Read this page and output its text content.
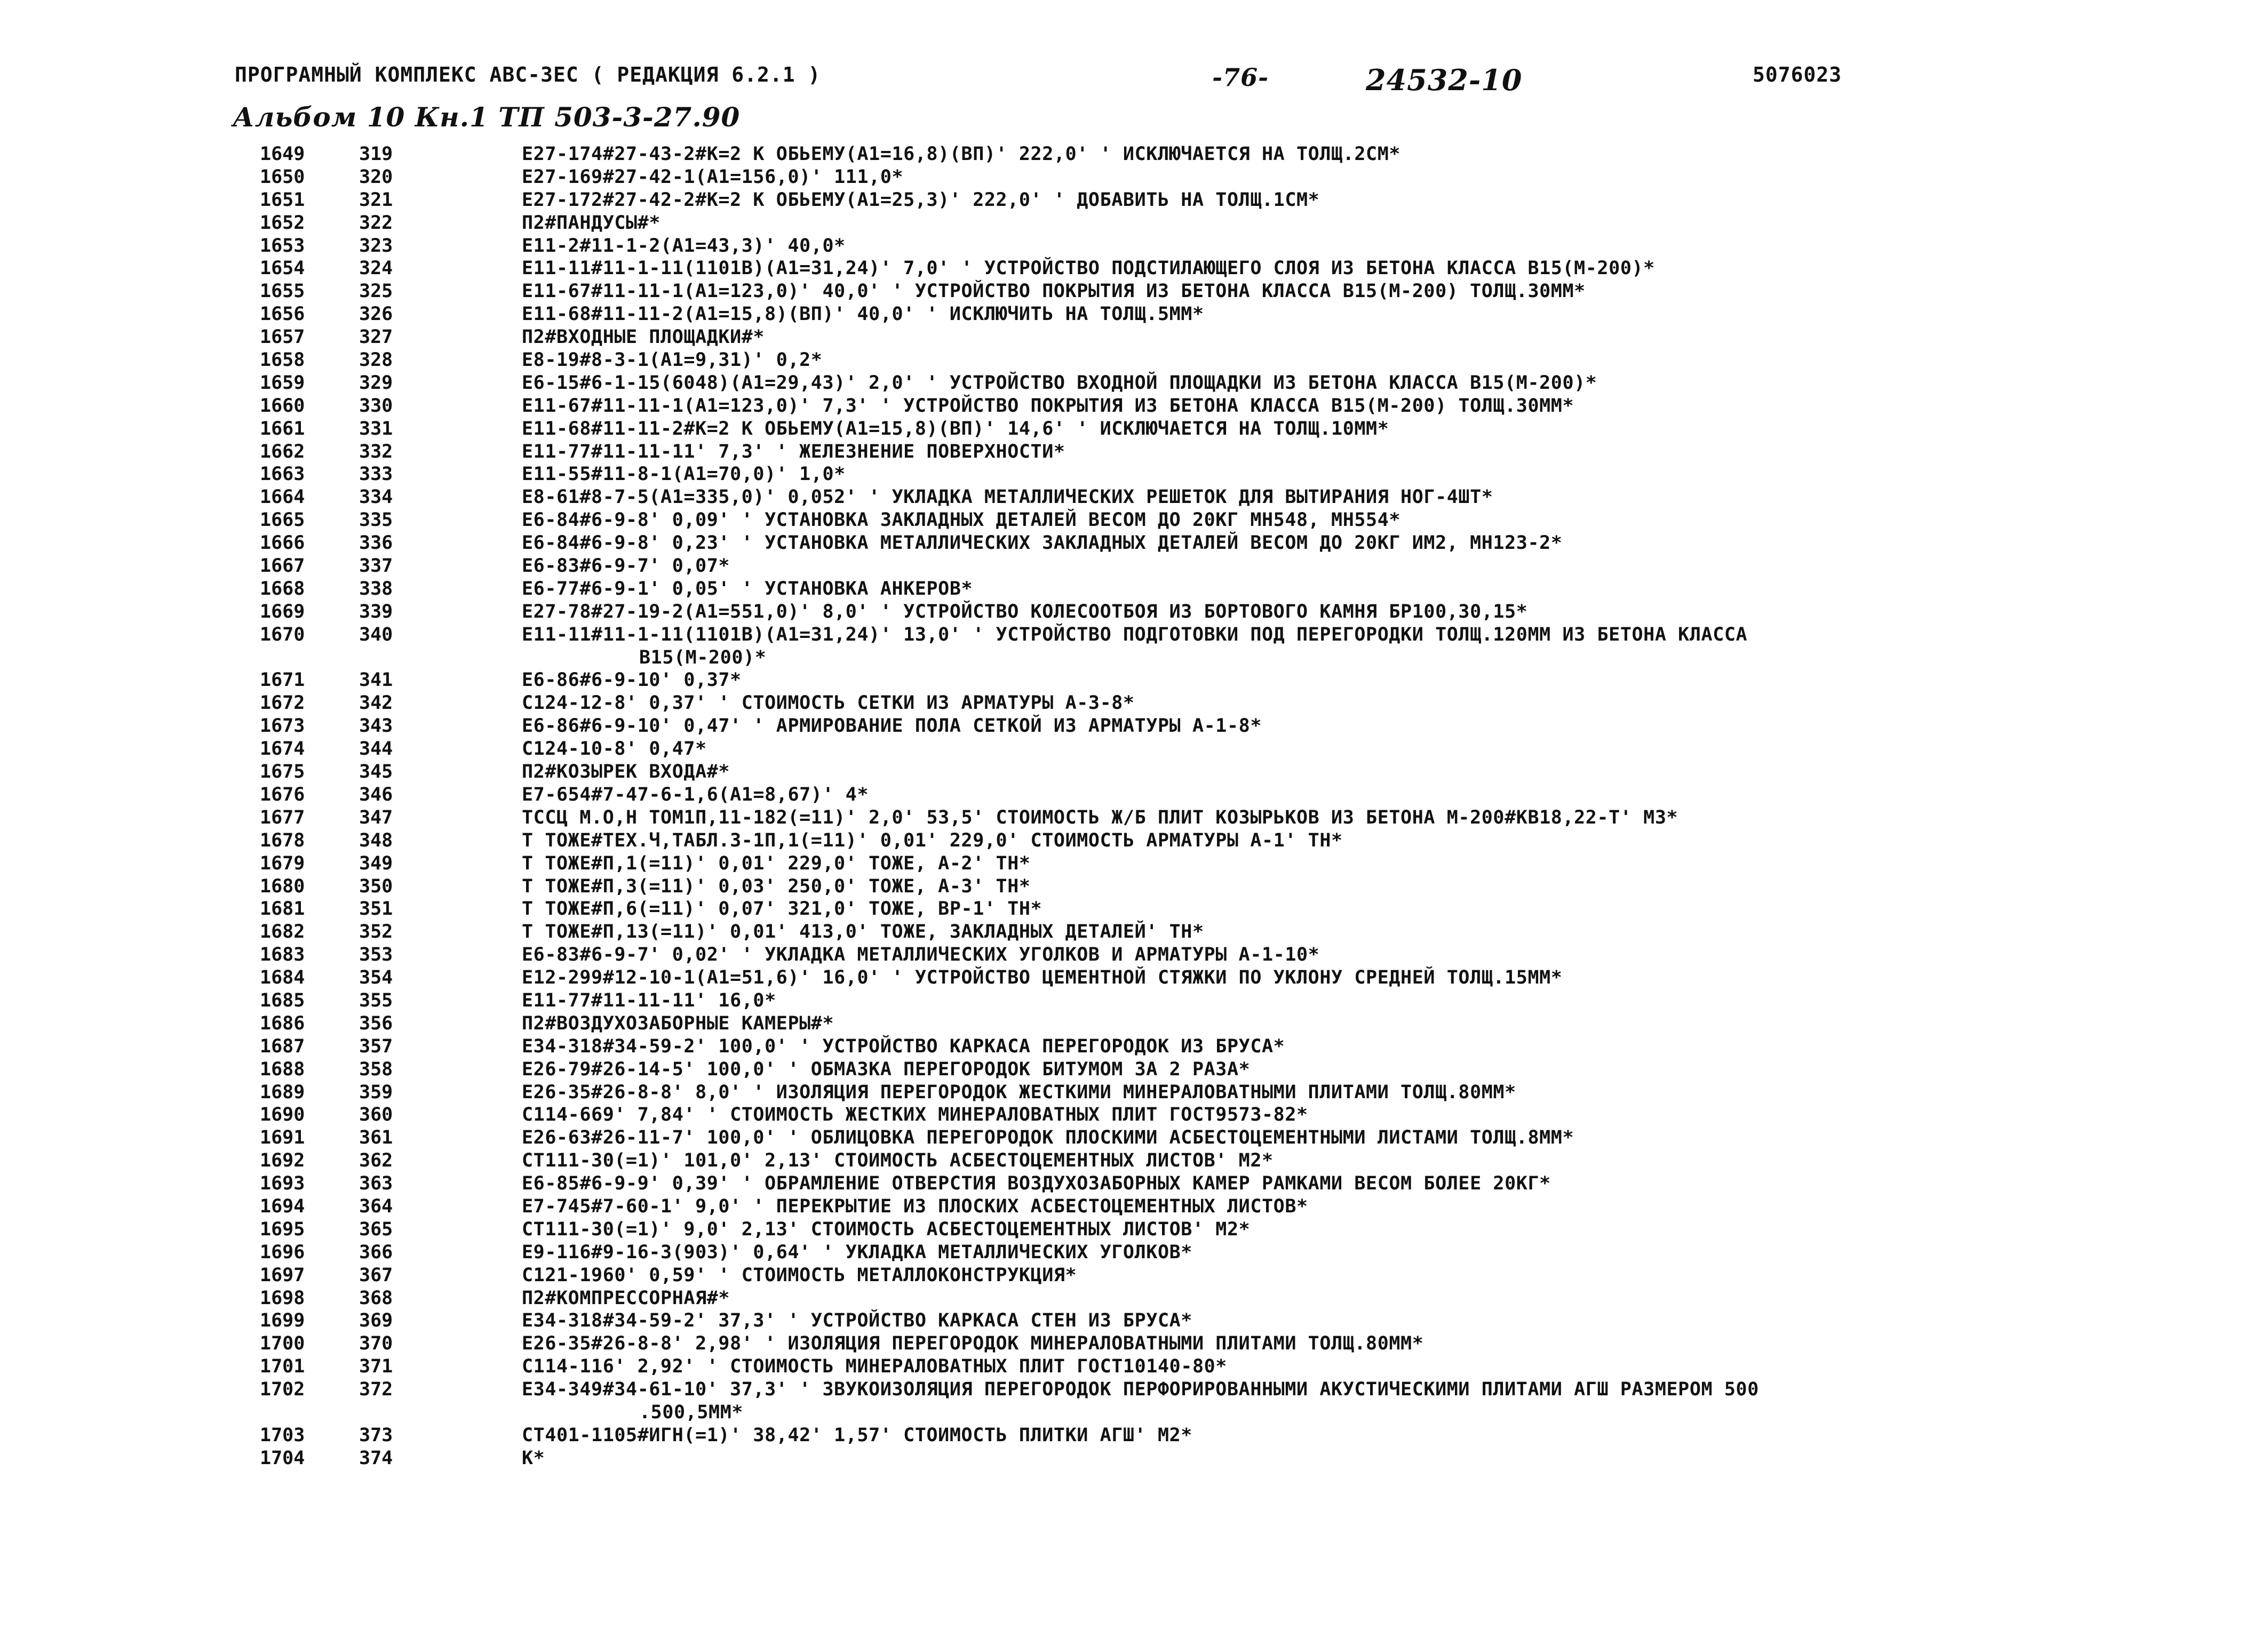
ПРОГРАМНЫЙ КОМПЛЕКС АВС-ЗЕС ( РЕДАКЦИЯ 6.2.1 )	-76-	24532-10	5076023
Альбом 10 Кн.1 ТП 503-3-27.90
1649	319	Е27-174#27-43-2#К=2 К ОБЬЕМУ(А1=16,8)(ВП)' 222,0' ' ИСКЛЮЧАЕТСЯ НА ТОЛЩ.2СМ*
1650	320	Е27-169#27-42-1(А1=156,0)' 111,0*
1651	321	Е27-172#27-42-2#К=2 К ОБЬЕМУ(А1=25,3)' 222,0' ' ДОБАВИТЬ НА ТОЛЩ.1СМ*
1652	322	П2#ПАНДУСЫ#*
1653	323	Е11-2#11-1-2(А1=43,3)' 40,0*
1654	324	Е11-11#11-1-11(1101В)(А1=31,24)' 7,0' ' УСТРОЙСТВО ПОДСТИЛАЮЩЕГО СЛОЯ ИЗ БЕТОНА КЛАССА В15(М-200)*
1655	325	Е11-67#11-11-1(А1=123,0)' 40,0' ' УСТРОЙСТВО ПОКРЫТИЯ ИЗ БЕТОНА КЛАССА В15(М-200) ТОЛЩ.30ММ*
1656	326	Е11-68#11-11-2(А1=15,8)(ВП)' 40,0' ' ИСКЛЮЧИТЬ НА ТОЛЩ.5ММ*
1657	327	П2#ВХОДНЫЕ ПЛОЩАДКИ#*
1658	328	Е8-19#8-3-1(А1=9,31)' 0,2*
1659	329	Е6-15#6-1-15(6048)(А1=29,43)' 2,0' ' УСТРОЙСТВО ВХОДНОЙ ПЛОЩАДКИ ИЗ БЕТОНА КЛАССА В15(М-200)*
1660	330	Е11-67#11-11-1(А1=123,0)' 7,3' ' УСТРОЙСТВО ПОКРЫТИЯ ИЗ БЕТОНА КЛАССА В15(М-200) ТОЛЩ.30ММ*
1661	331	Е11-68#11-11-2#К=2 К ОБЬЕМУ(А1=15,8)(ВП)' 14,6' ' ИСКЛЮЧАЕТСЯ НА ТОЛЩ.10ММ*
1662	332	Е11-77#11-11-11' 7,3' ' ЖЕЛЕЗНЕНИЕ ПОВЕРХНОСТИ*
1663	333	Е11-55#11-8-1(А1=70,0)' 1,0*
1664	334	Е8-61#8-7-5(А1=335,0)' 0,052' ' УКЛАДКА МЕТАЛЛИЧЕСКИХ РЕШЕТОК ДЛЯ ВЫТИРАНИЯ НОГ-4ШТ*
1665	335	Е6-84#6-9-8' 0,09' ' УСТАНОВКА ЗАКЛАДНЫХ ДЕТАЛЕЙ ВЕСОМ ДО 20КГ МН548, МН554*
1666	336	Е6-84#6-9-8' 0,23' ' УСТАНОВКА МЕТАЛЛИЧЕСКИХ ЗАКЛАДНЫХ ДЕТАЛЕЙ ВЕСОМ ДО 20КГ ИМ2, МН123-2*
1667	337	Е6-83#6-9-7' 0,07*
1668	338	Е6-77#6-9-1' 0,05' ' УСТАНОВКА АНКЕРОВ*
1669	339	Е27-78#27-19-2(А1=551,0)' 8,0' ' УСТРОЙСТВО КОЛЕСООТБОЯ ИЗ БОРТОВОГО КАМНЯ БР100,30,15*
1670	340	Е11-11#11-1-11(1101В)(А1=31,24)' 13,0' ' УСТРОЙСТВО ПОДГОТОВКИ ПОД ПЕРЕГОРОДКИ ТОЛЩ.120ММ ИЗ БЕТОНА КЛАССА
В15(М-200)*
1671	341	Е6-86#6-9-10' 0,37*
1672	342	С124-12-8' 0,37' ' СТОИМОСТЬ СЕТКИ ИЗ АРМАТУРЫ А-3-8*
1673	343	Е6-86#6-9-10' 0,47' ' АРМИРОВАНИЕ ПОЛА СЕТКОЙ ИЗ АРМАТУРЫ А-1-8*
1674	344	С124-10-8' 0,47*
1675	345	П2#КОЗЫРЕК ВХОДА#*
1676	346	Е7-654#7-47-6-1,6(А1=8,67)' 4*
1677	347	ТССЦ М.О,Н ТОМ1П,11-182(=11)' 2,0' 53,5' СТОИМОСТЬ Ж/Б ПЛИТ КОЗЫРЬКОВ ИЗ БЕТОНА М-200#КВ18,22-Т' М3*
1678	348	Т ТОЖЕ#ТЕХ.Ч,ТАБЛ.3-1П,1(=11)' 0,01' 229,0' СТОИМОСТЬ АРМАТУРЫ А-1' ТН*
1679	349	Т ТОЖЕ#П,1(=11)' 0,01' 229,0' ТОЖЕ, А-2' ТН*
1680	350	Т ТОЖЕ#П,3(=11)' 0,03' 250,0' ТОЖЕ, А-3' ТН*
1681	351	Т ТОЖЕ#П,6(=11)' 0,07' 321,0' ТОЖЕ, ВР-1' ТН*
1682	352	Т ТОЖЕ#П,13(=11)' 0,01' 413,0' ТОЖЕ, ЗАКЛАДНЫХ ДЕТАЛЕЙ' ТН*
1683	353	Е6-83#6-9-7' 0,02' ' УКЛАДКА МЕТАЛЛИЧЕСКИХ УГОЛКОВ И АРМАТУРЫ А-1-10*
1684	354	Е12-299#12-10-1(А1=51,6)' 16,0' ' УСТРОЙСТВО ЦЕМЕНТНОЙ СТЯЖКИ ПО УКЛОНУ СРЕДНЕЙ ТОЛЩ.15ММ*
1685	355	Е11-77#11-11-11' 16,0*
1686	356	П2#ВОЗДУХОЗАБОРНЫЕ КАМЕРЫ#*
1687	357	Е34-318#34-59-2' 100,0' ' УСТРОЙСТВО КАРКАСА ПЕРЕГОРОДОК ИЗ БРУСА*
1688	358	Е26-79#26-14-5' 100,0' ' ОБМАЗКА ПЕРЕГОРОДОК БИТУМОМ ЗА 2 РАЗА*
1689	359	Е26-35#26-8-8' 8,0' ' ИЗОЛЯЦИЯ ПЕРЕГОРОДОК ЖЕСТКИМИ МИНЕРАЛОВАТНЫМИ ПЛИТАМИ ТОЛЩ.80ММ*
1690	360	С114-669' 7,84' ' СТОИМОСТЬ ЖЕСТКИХ МИНЕРАЛОВАТНЫХ ПЛИТ ГОСТ9573-82*
1691	361	Е26-63#26-11-7' 100,0' ' ОБЛИЦОВКА ПЕРЕГОРОДОК ПЛОСКИМИ АСБЕСТОЦЕМЕНТНЫМИ ЛИСТАМИ ТОЛЩ.8ММ*
1692	362	СТ111-30(=1)' 101,0' 2,13' СТОИМОСТЬ АСБЕСТОЦЕМЕНТНЫХ ЛИСТОВ' М2*
1693	363	Е6-85#6-9-9' 0,39' ' ОБРАМЛЕНИЕ ОТВЕРСТИЯ ВОЗДУХОЗАБОРНЫХ КАМЕР РАМКАМИ ВЕСОМ БОЛЕЕ 20КГ*
1694	364	Е7-745#7-60-1' 9,0' ' ПЕРЕКРЫТИЕ ИЗ ПЛОСКИХ АСБЕСТОЦЕМЕНТНЫХ ЛИСТОВ*
1695	365	СТ111-30(=1)' 9,0' 2,13' СТОИМОСТЬ АСБЕСТОЦЕМЕНТНЫХ ЛИСТОВ' М2*
1696	366	Е9-116#9-16-3(903)' 0,64' ' УКЛАДКА МЕТАЛЛИЧЕСКИХ УГОЛКОВ*
1697	367	С121-1960' 0,59' ' СТОИМОСТЬ МЕТАЛЛОКОНСТРУКЦИЯ*
1698	368	П2#КОМПРЕССОРНАЯ#*
1699	369	Е34-318#34-59-2' 37,3' ' УСТРОЙСТВО КАРКАСА СТЕН ИЗ БРУСА*
1700	370	Е26-35#26-8-8' 2,98' ' ИЗОЛЯЦИЯ ПЕРЕГОРОДОК МИНЕРАЛОВАТНЫМИ ПЛИТАМИ ТОЛЩ.80ММ*
1701	371	С114-116' 2,92' ' СТОИМОСТЬ МИНЕРАЛОВАТНЫХ ПЛИТ ГОСТ10140-80*
1702	372	Е34-349#34-61-10' 37,3' ' ЗВУКОИЗОЛЯЦИЯ ПЕРЕГОРОДОК ПЕРФОРИРОВАННЫМИ АКУСТИЧЕСКИМИ ПЛИТАМИ АГШ РАЗМЕРОМ 500
.500,5ММ*
1703	373	СТ401-1105#ИГН(=1)' 38,42' 1,57' СТОИМОСТЬ ПЛИТКИ АГШ' М2*
1704	374	К*
